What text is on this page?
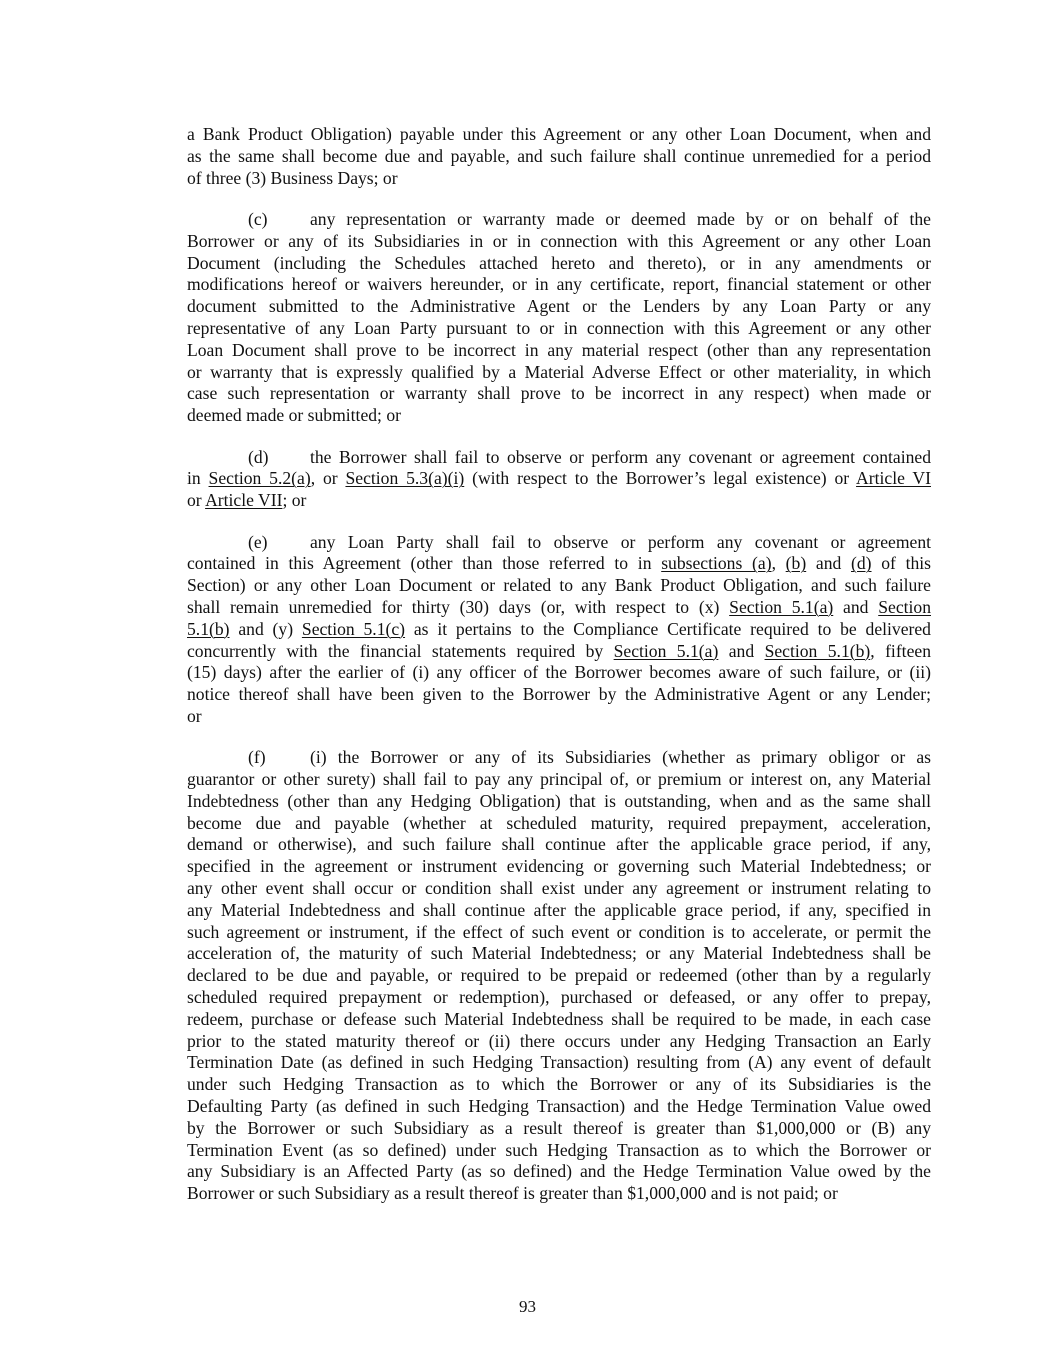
a Bank Product Obligation) payable under this Agreement or any other Loan Document, when and
as the same shall become due and payable, and such failure shall continue unremedied for a period
of three (3) Business Days; or
(c) any representation or warranty made or deemed made by or on behalf of the
Borrower or any of its Subsidiaries in or in connection with this Agreement or any other Loan
Document (including the Schedules attached hereto and thereto), or in any amendments or
modifications hereof or waivers hereunder, or in any certificate, report, financial statement or other
document submitted to the Administrative Agent or the Lenders by any Loan Party or any
representative of any Loan Party pursuant to or in connection with this Agreement or any other
Loan Document shall prove to be incorrect in any material respect (other than any representation
or warranty that is expressly qualified by a Material Adverse Effect or other materiality, in which
case such representation or warranty shall prove to be incorrect in any respect) when made or
deemed made or submitted; or
(d) the Borrower shall fail to observe or perform any covenant or agreement contained
in Section 5.2(a), or Section 5.3(a)(i) (with respect to the Borrower’s legal existence) or Article VI
or Article VII; or
(e) any Loan Party shall fail to observe or perform any covenant or agreement
contained in this Agreement (other than those referred to in subsections (a), (b) and (d) of this
Section) or any other Loan Document or related to any Bank Product Obligation, and such failure
shall remain unremedied for thirty (30) days (or, with respect to (x) Section 5.1(a) and Section
5.1(b) and (y) Section 5.1(c) as it pertains to the Compliance Certificate required to be delivered
concurrently with the financial statements required by Section 5.1(a) and Section 5.1(b), fifteen
(15) days) after the earlier of (i) any officer of the Borrower becomes aware of such failure, or (ii)
notice thereof shall have been given to the Borrower by the Administrative Agent or any Lender;
or
(f)	(i) the Borrower or any of its Subsidiaries (whether as primary obligor or as
guarantor or other surety) shall fail to pay any principal of, or premium or interest on, any Material
Indebtedness (other than any Hedging Obligation) that is outstanding, when and as the same shall
become due and payable (whether at scheduled maturity, required prepayment, acceleration,
demand or otherwise), and such failure shall continue after the applicable grace period, if any,
specified in the agreement or instrument evidencing or governing such Material Indebtedness; or
any other event shall occur or condition shall exist under any agreement or instrument relating to
any Material Indebtedness and shall continue after the applicable grace period, if any, specified in
such agreement or instrument, if the effect of such event or condition is to accelerate, or permit the
acceleration of, the maturity of such Material Indebtedness; or any Material Indebtedness shall be
declared to be due and payable, or required to be prepaid or redeemed (other than by a regularly
scheduled required prepayment or redemption), purchased or defeased, or any offer to prepay,
redeem, purchase or defease such Material Indebtedness shall be required to be made, in each case
prior to the stated maturity thereof or (ii) there occurs under any Hedging Transaction an Early
Termination Date (as defined in such Hedging Transaction) resulting from (A) any event of default
under such Hedging Transaction as to which the Borrower or any of its Subsidiaries is the
Defaulting Party (as defined in such Hedging Transaction) and the Hedge Termination Value owed
by the Borrower or such Subsidiary as a result thereof is greater than $1,000,000 or (B) any
Termination Event (as so defined) under such Hedging Transaction as to which the Borrower or
any Subsidiary is an Affected Party (as so defined) and the Hedge Termination Value owed by the
Borrower or such Subsidiary as a result thereof is greater than $1,000,000 and is not paid; or
93
